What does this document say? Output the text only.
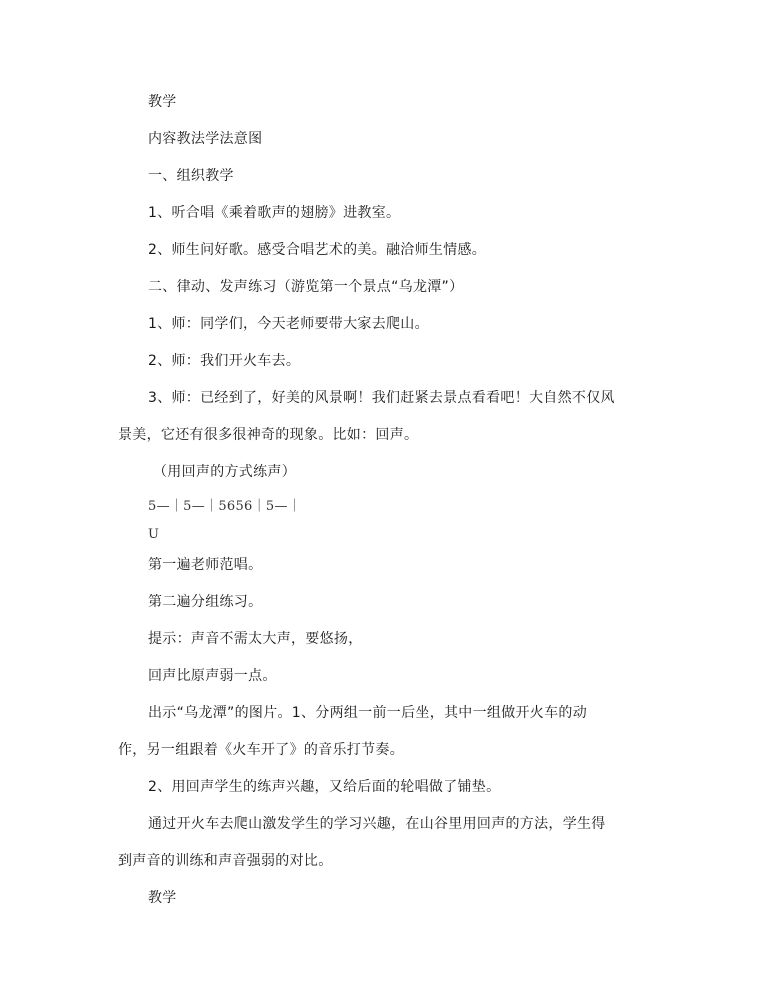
教学
内容教法学法意图
一、组织教学
1、听合唱《乘着歌声的翅膀》进教室。
2、师生问好歌。感受合唱艺术的美。融洽师生情感。
二、律动、发声练习（游览第一个景点“乌龙潭”）
1、师：同学们，今天老师要带大家去爬山。
2、师：我们开火车去。
3、师：已经到了，好美的风景啊！我们赶紧去景点看看吧！大自然不仅风
景美，它还有很多很神奇的现象。比如：回声。
（用回声的方式练声）
5—｜5—｜5656｜5—｜
U
第一遍老师范唱。
第二遍分组练习。
提示：声音不需太大声，要悠扬，
回声比原声弱一点。
出示“乌龙潭”的图片。1、分两组一前一后坐，其中一组做开火车的动
作，另一组跟着《火车开了》的音乐打节奏。
2、用回声学生的练声兴趣，又给后面的轮唱做了铺垫。
通过开火车去爬山激发学生的学习兴趣，在山谷里用回声的方法，学生得
到声音的训练和声音强弱的对比。
教学
